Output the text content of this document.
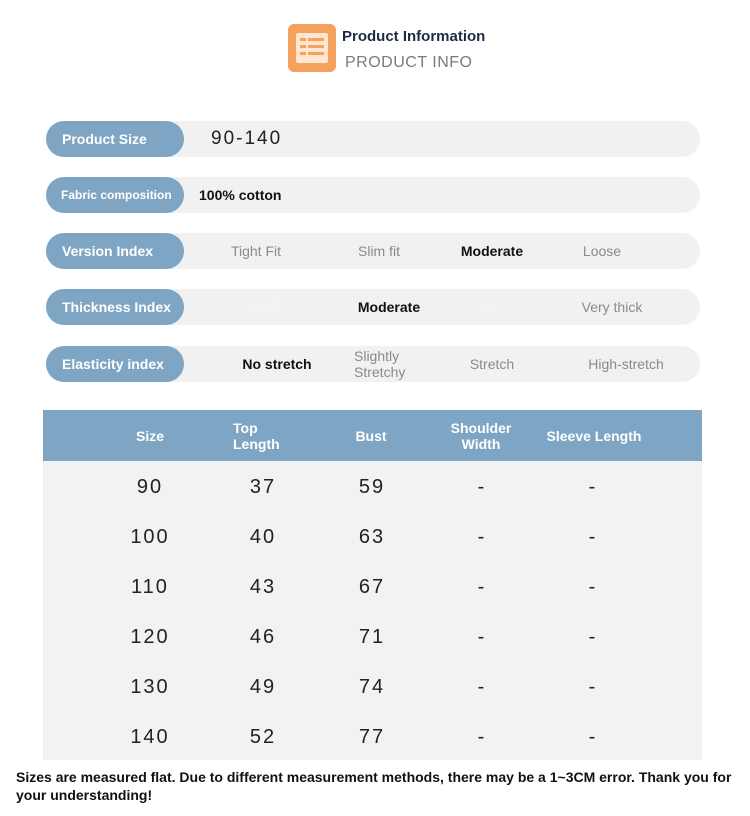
Product Information
PRODUCT INFO
Product Size	90-140
Fabric composition	100% cotton
Version Index	Tight Fit	Slim fit	Moderate	Loose
Thickness Index	偏薄	Moderate	厚	Very thick
Elasticity index	No stretch	Slightly Stretchy	Stretch	High-stretch
Size	Top Length	Bust	Shoulder Width	Sleeve Length
90	37	59	-	-
100	40	63	-	-
110	43	67	-	-
120	46	71	-	-
130	49	74	-	-
140	52	77	-	-
Sizes are measured flat. Due to different measurement methods, there may be a 1~3CM error. Thank you for your understanding!
